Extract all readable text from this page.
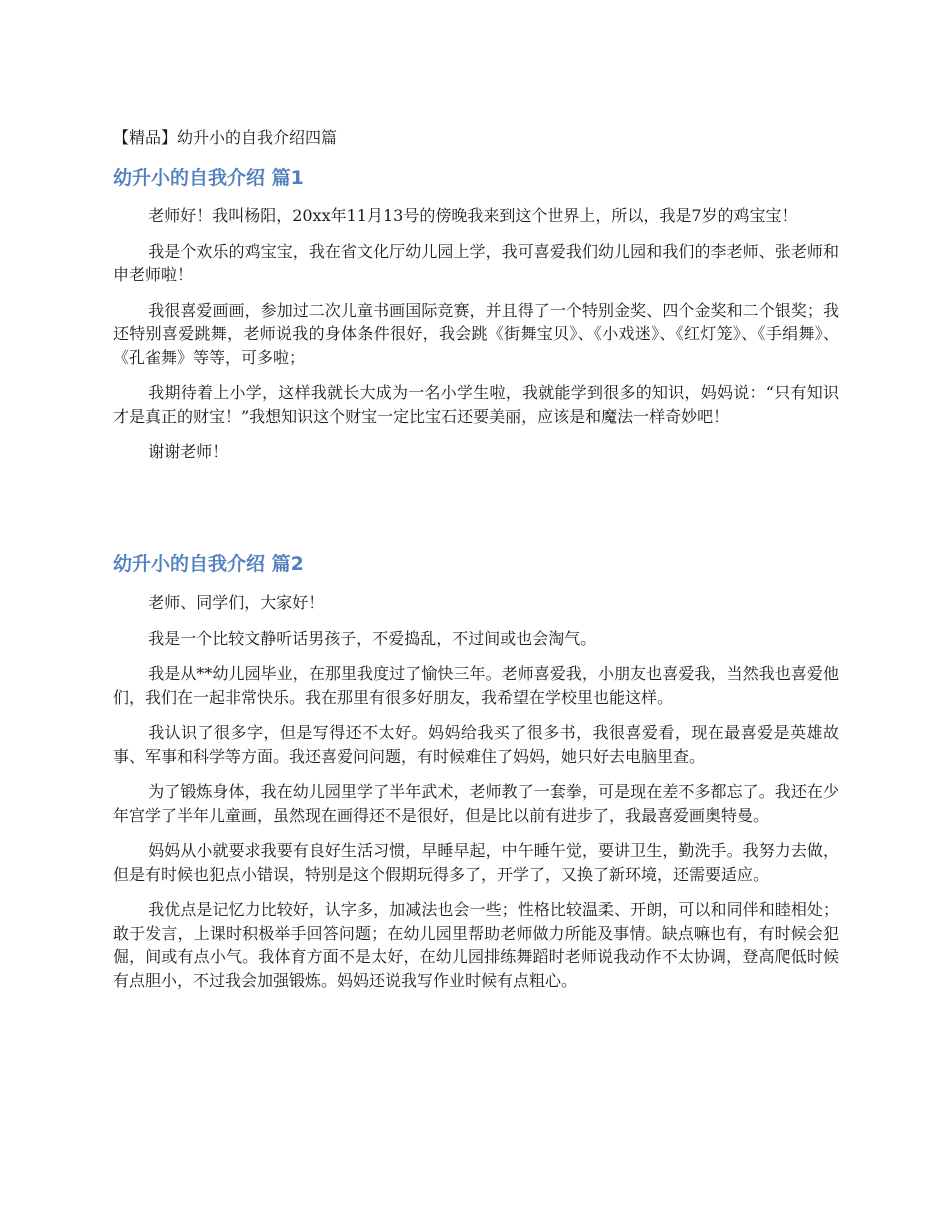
【精品】幼升小的自我介绍四篇
幼升小的自我介绍 篇1

老师好！我叫杨阳，20xx年11月13号的傍晚我来到这个世界上，所以，我是7岁的鸡宝宝！

我是个欢乐的鸡宝宝，我在省文化厅幼儿园上学，我可喜爱我们幼儿园和我们的李老师、张老师和申老师啦！

我很喜爱画画，参加过二次儿童书画国际竞赛，并且得了一个特别金奖、四个金奖和二个银奖；我还特别喜爱跳舞，老师说我的身体条件很好，我会跳《街舞宝贝》、《小戏迷》、《红灯笼》、《手绢舞》、《孔雀舞》等等，可多啦；

我期待着上小学，这样我就长大成为一名小学生啦，我就能学到很多的知识，妈妈说：“只有知识才是真正的财宝！”我想知识这个财宝一定比宝石还要美丽，应该是和魔法一样奇妙吧！

谢谢老师！

幼升小的自我介绍 篇2

老师、同学们，大家好！

我是一个比较文静听话男孩子，不爱捣乱，不过间或也会淘气。

我是从**幼儿园毕业，在那里我度过了愉快三年。老师喜爱我，小朋友也喜爱我，当然我也喜爱他们，我们在一起非常快乐。我在那里有很多好朋友，我希望在学校里也能这样。

我认识了很多字，但是写得还不太好。妈妈给我买了很多书，我很喜爱看，现在最喜爱是英雄故事、军事和科学等方面。我还喜爱问问题，有时候难住了妈妈，她只好去电脑里查。

为了锻炼身体，我在幼儿园里学了半年武术，老师教了一套拳，可是现在差不多都忘了。我还在少年宫学了半年儿童画，虽然现在画得还不是很好，但是比以前有进步了，我最喜爱画奥特曼。

妈妈从小就要求我要有良好生活习惯，早睡早起，中午睡午觉，要讲卫生，勤洗手。我努力去做，但是有时候也犯点小错误，特别是这个假期玩得多了，开学了，又换了新环境，还需要适应。

我优点是记忆力比较好，认字多，加减法也会一些；性格比较温柔、开朗，可以和同伴和睦相处；敢于发言，上课时积极举手回答问题；在幼儿园里帮助老师做力所能及事情。缺点嘛也有，有时候会犯倔，间或有点小气。我体育方面不是太好，在幼儿园排练舞蹈时老师说我动作不太协调，登高爬低时候有点胆小，不过我会加强锻炼。妈妈还说我写作业时候有点粗心。
